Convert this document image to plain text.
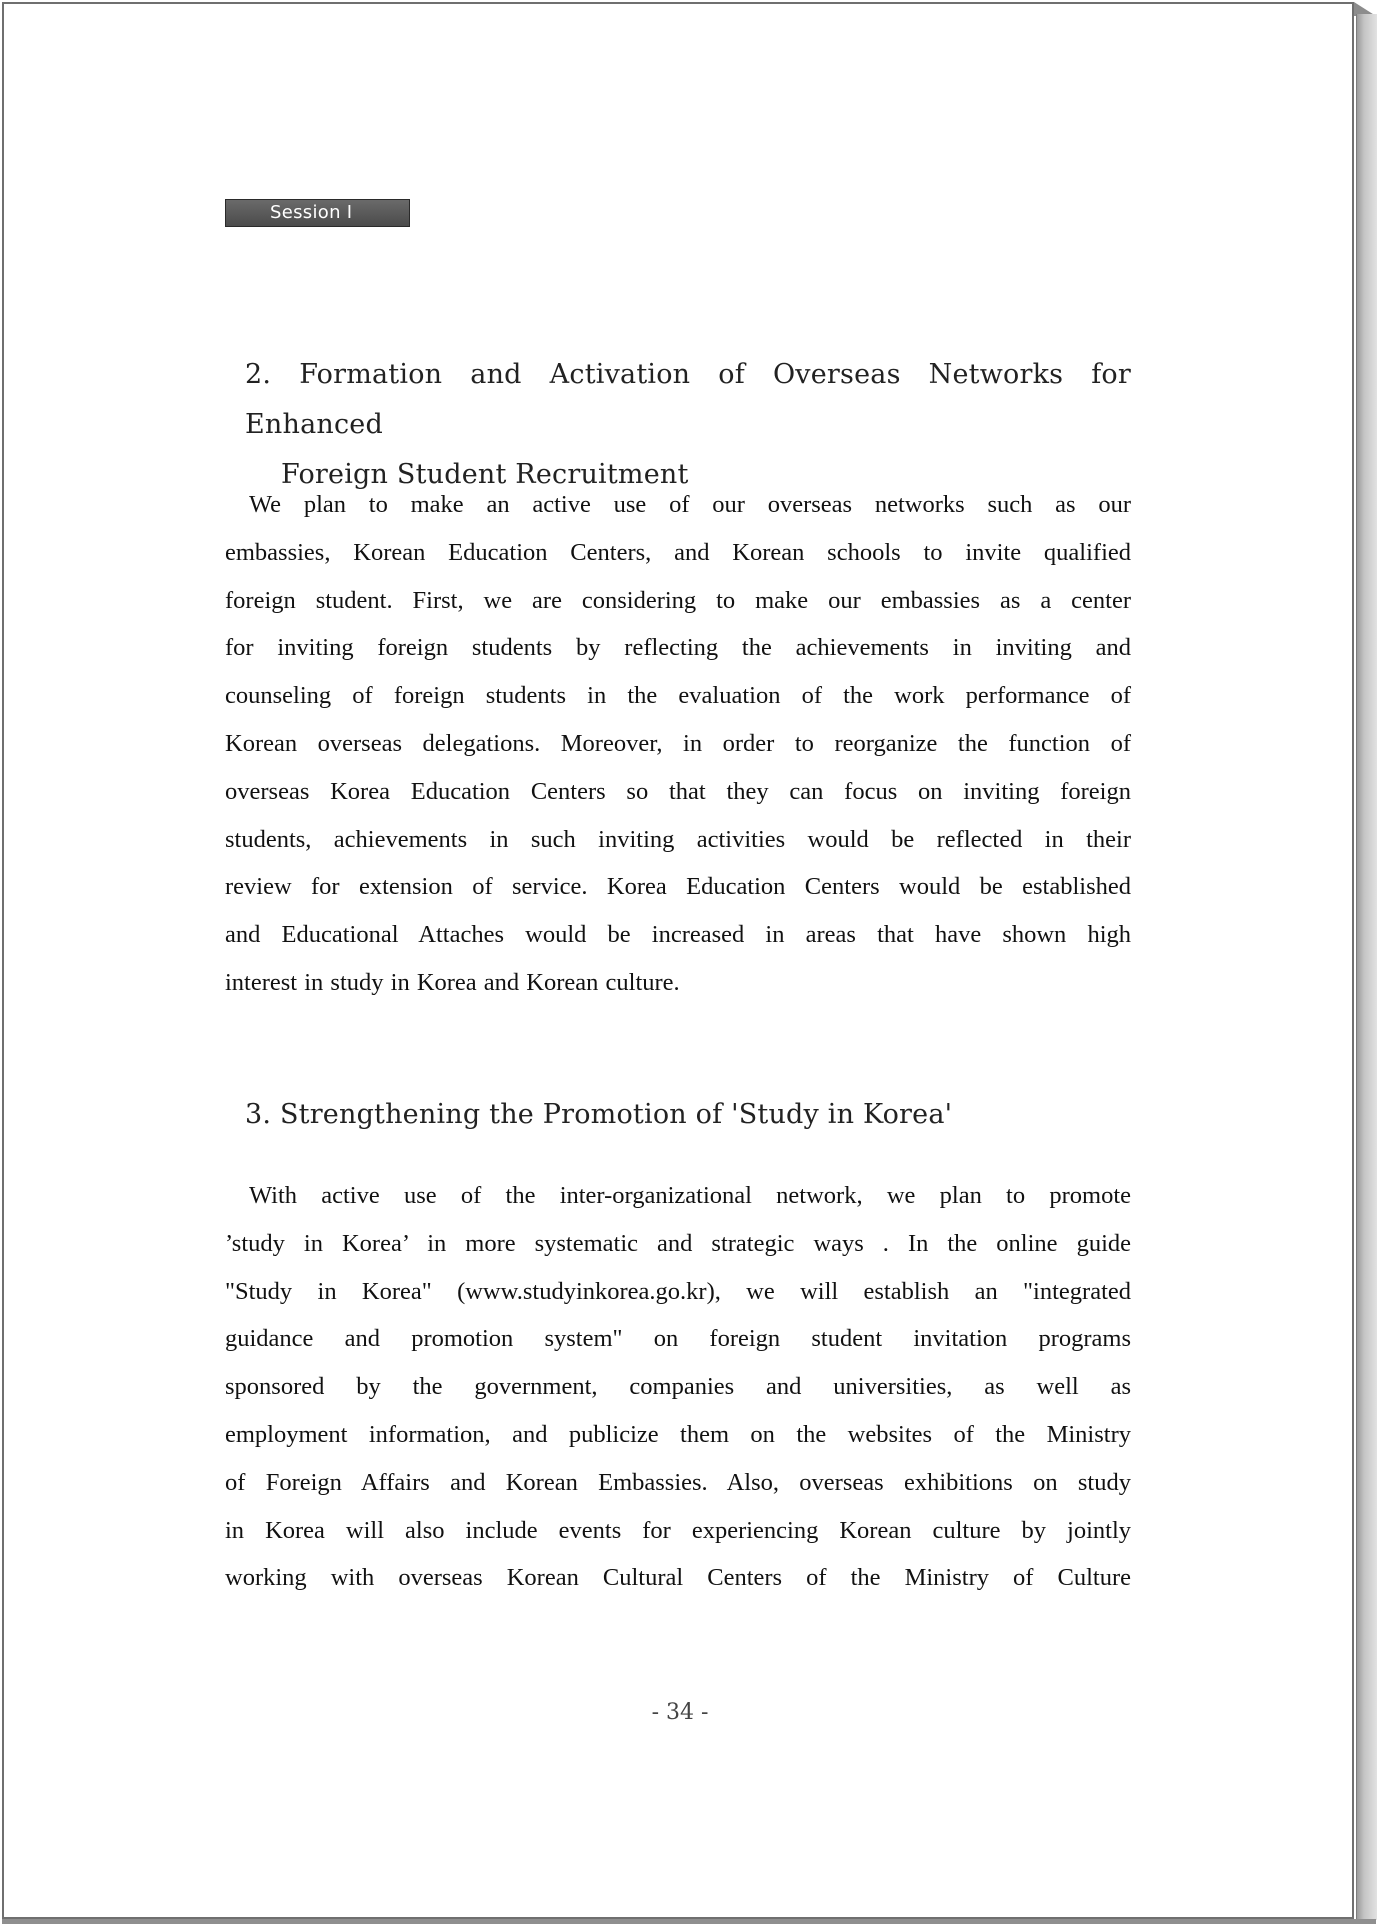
Session Ⅰ
2. Formation and Activation of Overseas Networks for Enhanced
Foreign Student Recruitment

We plan to make an active use of our overseas networks such as our
embassies, Korean Education Centers, and Korean schools to invite qualified
foreign student. First, we are considering to make our embassies as a center
for inviting foreign students by reflecting the achievements in inviting and
counseling of foreign students in the evaluation of the work performance of
Korean overseas delegations. Moreover, in order to reorganize the function of
overseas Korea Education Centers so that they can focus on inviting foreign
students, achievements in such inviting activities would be reflected in their
review for extension of service. Korea Education Centers would be established
and Educational Attaches would be increased in areas that have shown high
interest in study in Korea and Korean culture.

3. Strengthening the Promotion of 'Study in Korea'

With active use of the inter-organizational network, we plan to promote
’study in Korea’ in more systematic and strategic ways . In the online guide
"Study in Korea" (www.studyinkorea.go.kr), we will establish an "integrated
guidance and promotion system" on foreign student invitation programs
sponsored by the government, companies and universities, as well as
employment information, and publicize them on the websites of the Ministry
of Foreign Affairs and Korean Embassies. Also, overseas exhibitions on study
in Korea will also include events for experiencing Korean culture by jointly
working with overseas Korean Cultural Centers of the Ministry of Culture

- 34 -
